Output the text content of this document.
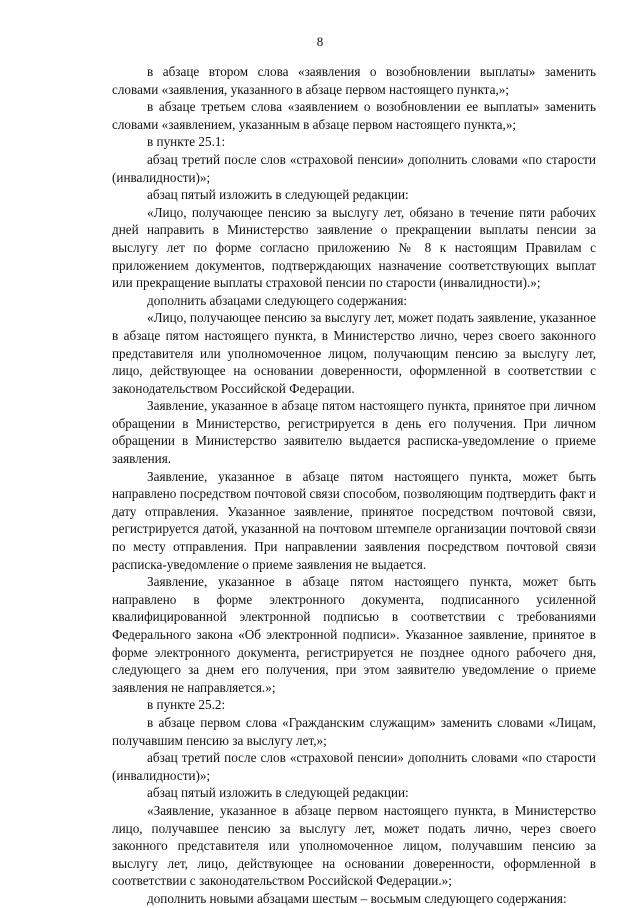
8

в абзаце втором слова «заявления о возобновлении выплаты» заменить словами «заявления, указанного в абзаце первом настоящего пункта,»;

в абзаце третьем слова «заявлением о возобновлении ее выплаты» заменить словами «заявлением, указанным в абзаце первом настоящего пункта,»;

в пункте 25.1:

абзац третий после слов «страховой пенсии» дополнить словами «по старости (инвалидности)»;

абзац пятый изложить в следующей редакции:

«Лицо, получающее пенсию за выслугу лет, обязано в течение пяти рабочих дней направить в Министерство заявление о прекращении выплаты пенсии за выслугу лет по форме согласно приложению № 8 к настоящим Правилам с приложением документов, подтверждающих назначение соответствующих выплат или прекращение выплаты страховой пенсии по старости (инвалидности).»;

дополнить абзацами следующего содержания:

«Лицо, получающее пенсию за выслугу лет, может подать заявление, указанное в абзаце пятом настоящего пункта, в Министерство лично, через своего законного представителя или уполномоченное лицом, получающим пенсию за выслугу лет, лицо, действующее на основании доверенности, оформленной в соответствии с законодательством Российской Федерации.

Заявление, указанное в абзаце пятом настоящего пункта, принятое при личном обращении в Министерство, регистрируется в день его получения. При личном обращении в Министерство заявителю выдается расписка-уведомление о приеме заявления.

Заявление, указанное в абзаце пятом настоящего пункта, может быть направлено посредством почтовой связи способом, позволяющим подтвердить факт и дату отправления. Указанное заявление, принятое посредством почтовой связи, регистрируется датой, указанной на почтовом штемпеле организации почтовой связи по месту отправления. При направлении заявления посредством почтовой связи расписка-уведомление о приеме заявления не выдается.

Заявление, указанное в абзаце пятом настоящего пункта, может быть направлено в форме электронного документа, подписанного усиленной квалифицированной электронной подписью в соответствии с требованиями Федерального закона «Об электронной подписи». Указанное заявление, принятое в форме электронного документа, регистрируется не позднее одного рабочего дня, следующего за днем его получения, при этом заявителю уведомление о приеме заявления не направляется.»;

в пункте 25.2:

в абзаце первом слова «Гражданским служащим» заменить словами «Лицам, получавшим пенсию за выслугу лет,»;

абзац третий после слов «страховой пенсии» дополнить словами «по старости (инвалидности)»;

абзац пятый изложить в следующей редакции:

«Заявление, указанное в абзаце первом настоящего пункта, в Министерство лицо, получавшее пенсию за выслугу лет, может подать лично, через своего законного представителя или уполномоченное лицом, получавшим пенсию за выслугу лет, лицо, действующее на основании доверенности, оформленной в соответствии с законодательством Российской Федерации.»;

дополнить новыми абзацами шестым – восьмым следующего содержания:
